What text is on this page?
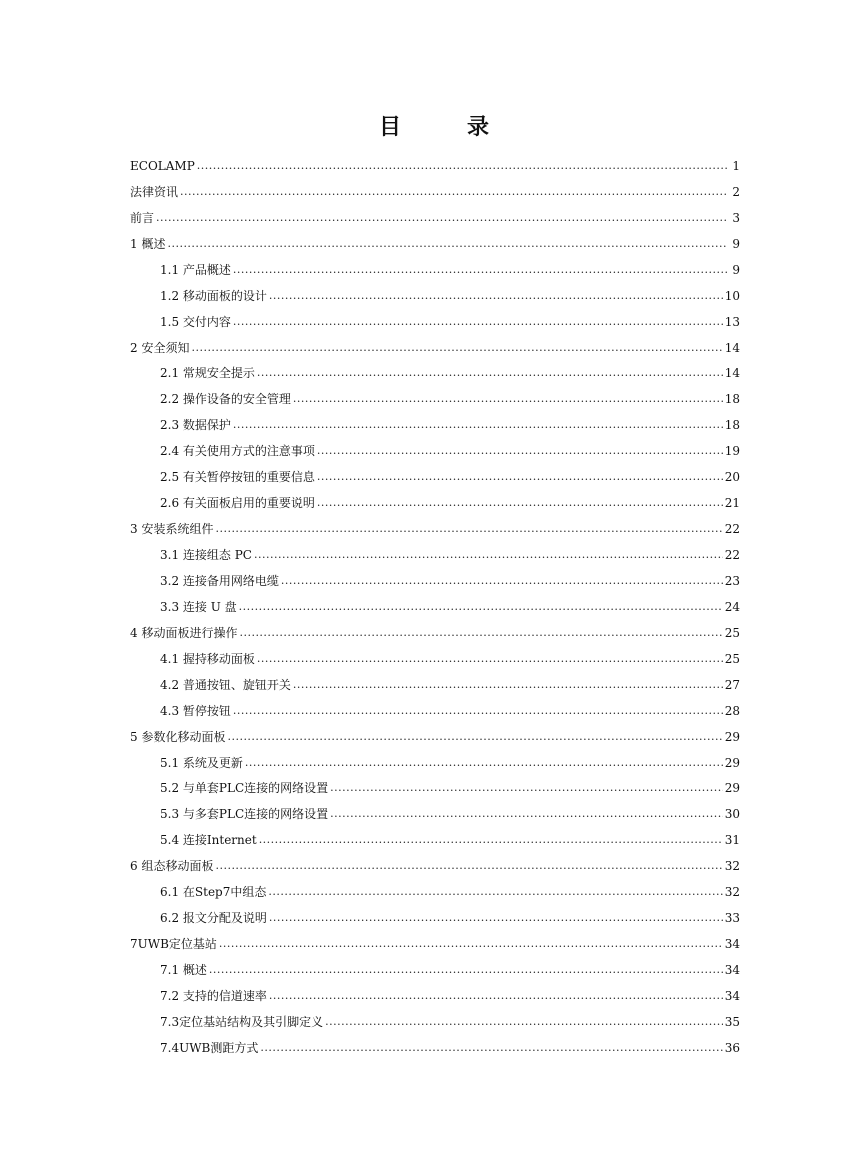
目　录
ECOLAMP .....	1
法律资讯 .....	2
前言 .....	3
1 概述 .....	9
1.1 产品概述 .....	9
1.2 移动面板的设计 .....	10
1.5 交付内容 .....	13
2 安全须知 .....	14
2.1 常规安全提示 .....	14
2.2 操作设备的安全管理 .....	18
2.3 数据保护 .....	18
2.4 有关使用方式的注意事项 .....	19
2.5 有关暂停按钮的重要信息 .....	20
2.6 有关面板启用的重要说明 .....	21
3 安装系统组件 .....	22
3.1 连接组态 PC .....	22
3.2 连接备用网络电缆 .....	23
3.3 连接 U 盘 .....	24
4 移动面板进行操作 .....	25
4.1 握持移动面板 .....	25
4.2 普通按钮、旋钮开关 .....	27
4.3 暂停按钮 .....	28
5 参数化移动面板 .....	29
5.1 系统及更新 .....	29
5.2 与单套PLC连接的网络设置 .....	29
5.3 与多套PLC连接的网络设置 .....	30
5.4 连接Internet .....	31
6 组态移动面板 .....	32
6.1 在Step7中组态 .....	32
6.2 报文分配及说明 .....	33
7UWB定位基站 .....	34
7.1 概述 .....	34
7.2 支持的信道速率 .....	34
7.3定位基站结构及其引脚定义 .....	35
7.4UWB测距方式 .....	36
